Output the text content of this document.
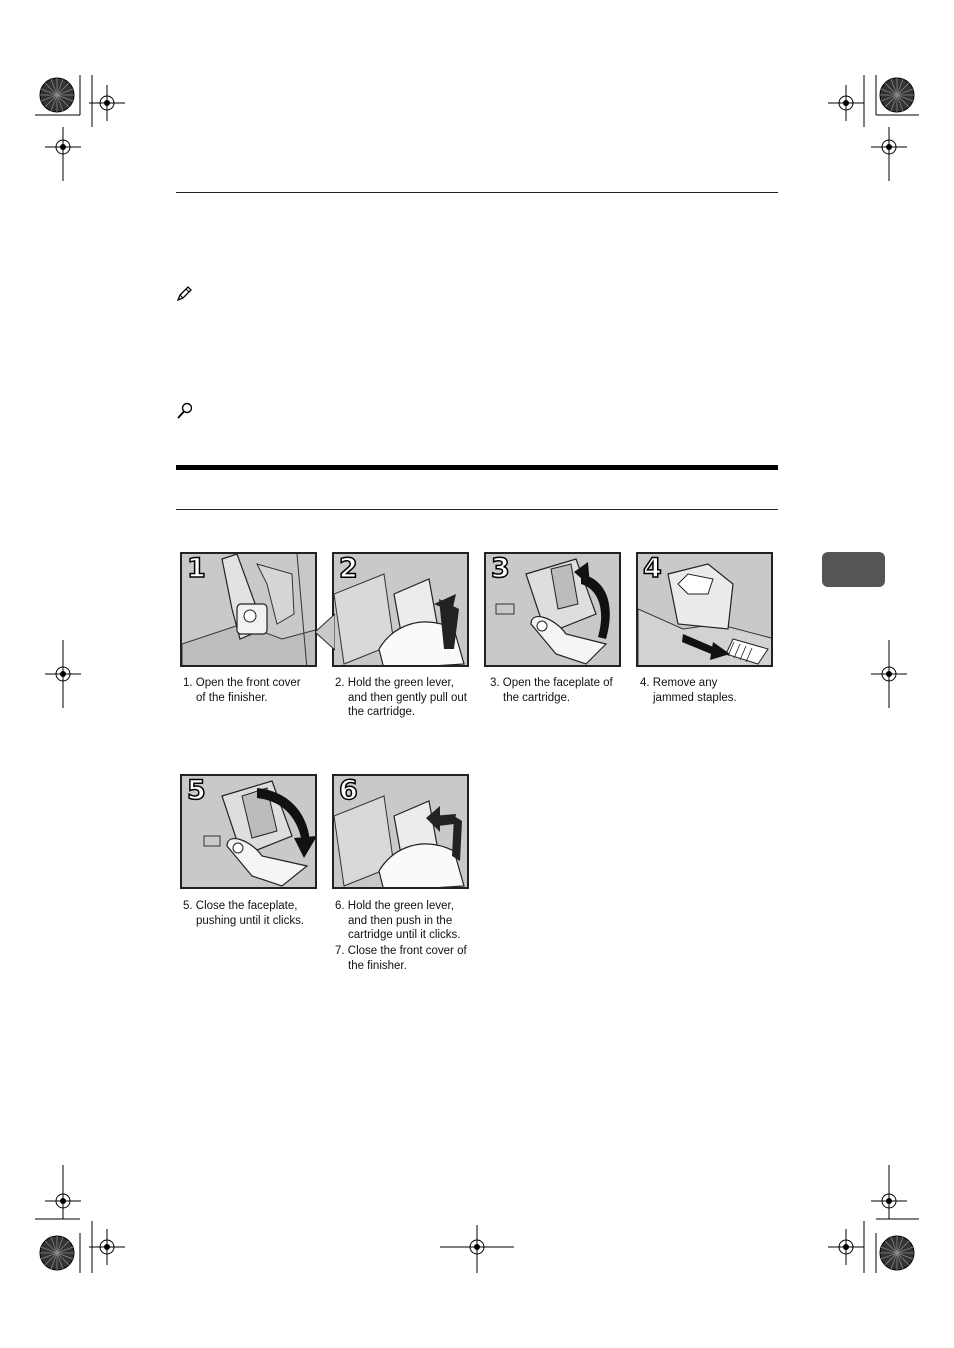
1	2	3	4
1. Open the front cover
of the finisher.
2. Hold the green lever,
and then gently pull out
the cartridge.
3. Open the faceplate of
the cartridge.
4. Remove any
jammed staples.
5	6
5. Close the faceplate,
pushing until it clicks.
6. Hold the green lever,
and then push in the
cartridge until it clicks.
7. Close the front cover of
the finisher.
